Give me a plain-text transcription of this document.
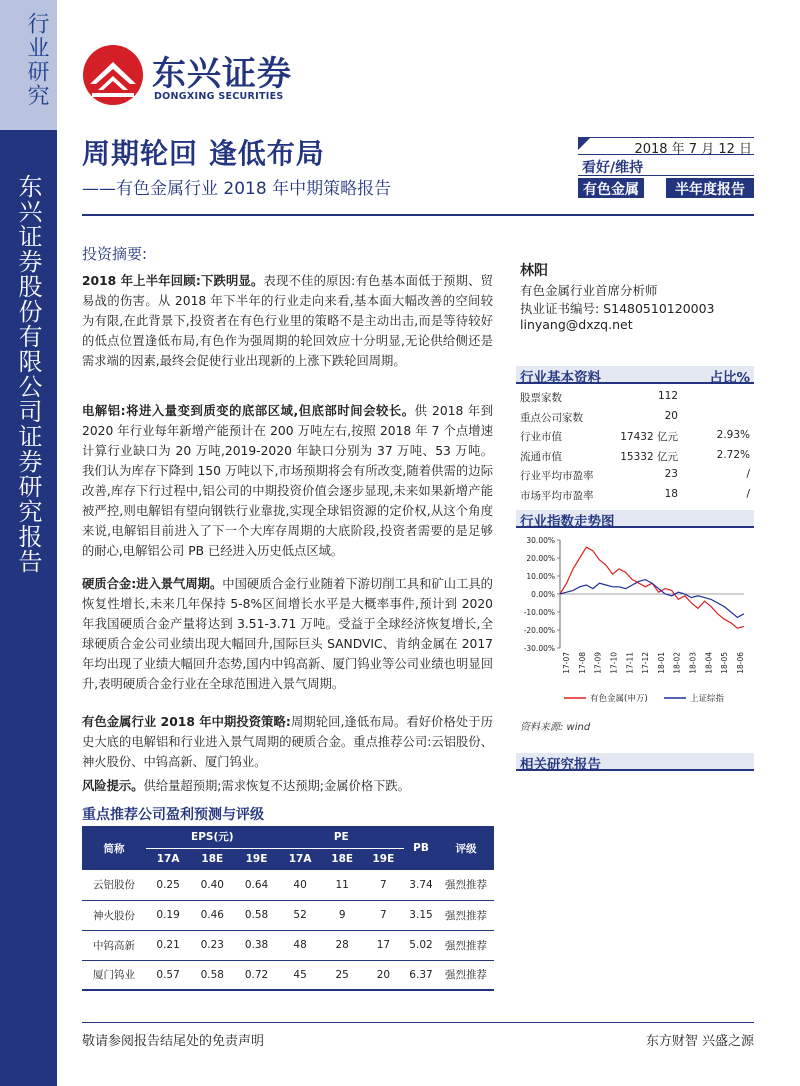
行业研究
东兴证券股份有限公司证券研究报告
东兴证券
DONGXING SECURITIES
周期轮回 逢低布局
——有色金属行业 2018 年中期策略报告
2018 年 7 月 12 日
看好/维持
有色金属	半年度报告
投资摘要:
2018 年上半年回顾:下跌明显。表现不佳的原因:有色基本面低于预期、贸易战的伤害。从 2018 年下半年的行业走向来看,基本面大幅改善的空间较为有限,在此背景下,投资者在有色行业里的策略不是主动出击,而是等待较好的低点位置逢低布局,有色作为强周期的轮回效应十分明显,无论供给侧还是需求端的因素,最终会促使行业出现新的上涨下跌轮回周期。
电解铝:将进入量变到质变的底部区域,但底部时间会较长。供 2018 年到 2020 年行业每年新增产能预计在 200 万吨左右,按照 2018 年 7 个点增速计算行业缺口为 20 万吨,2019-2020 年缺口分别为 37 万吨、53 万吨。我们认为库存下降到 150 万吨以下,市场预期将会有所改变,随着供需的边际改善,库存下行过程中,铝公司的中期投资价值会逐步显现,未来如果新增产能被严控,则电解铝有望向钢铁行业靠拢,实现全球铝资源的定价权,从这个角度来说,电解铝目前进入了下一个大库存周期的大底阶段,投资者需要的是足够的耐心,电解铝公司 PB 已经进入历史低点区域。
硬质合金:进入景气周期。中国硬质合金行业随着下游切削工具和矿山工具的恢复性增长,未来几年保持 5-8%区间增长水平是大概率事件,预计到 2020 年我国硬质合金产量将达到 3.51-3.71 万吨。受益于全球经济恢复增长,全球硬质合金公司业绩出现大幅回升,国际巨头 SANDVIC、肯纳金属在 2017 年均出现了业绩大幅回升态势,国内中钨高新、厦门钨业等公司业绩也明显回升,表明硬质合金行业在全球范围进入景气周期。
有色金属行业 2018 年中期投资策略:周期轮回,逢低布局。看好价格处于历史大底的电解铝和行业进入景气周期的硬质合金。重点推荐公司:云铝股份、神火股份、中钨高新、厦门钨业。
风险提示。供给量超预期;需求恢复不达预期;金属价格下跌。
林阳
有色金属行业首席分析师
执业证书编号: S1480510120003
linyang@dxzq.net
行业基本资料	占比%
股票家数	112
重点公司家数	20
行业市值	17432 亿元	2.93%
流通市值	15332 亿元	2.72%
行业平均市盈率	23	/
市场平均市盈率	18	/
行业指数走势图
30.00%
20.00%
10.00%
0.00%
-10.00%
-20.00%
-30.00%
17-07 17-08 17-09 17-10 17-11 17-12 18-01 18-02 18-03 18-04 18-05 18-06
有色金属(申万)	上证综指
资料来源: wind
相关研究报告
重点推荐公司盈利预测与评级
简称	EPS(元)			PE			PB	评级
	17A	18E	19E	17A	18E	19E		
云铝股份	0.25	0.40	0.64	40	11	7	3.74	强烈推荐
神火股份	0.19	0.46	0.58	52	9	7	3.15	强烈推荐
中钨高新	0.21	0.23	0.38	48	28	17	5.02	强烈推荐
厦门钨业	0.57	0.58	0.72	45	25	20	6.37	强烈推荐
敬请参阅报告结尾处的免责声明	东方财智 兴盛之源
